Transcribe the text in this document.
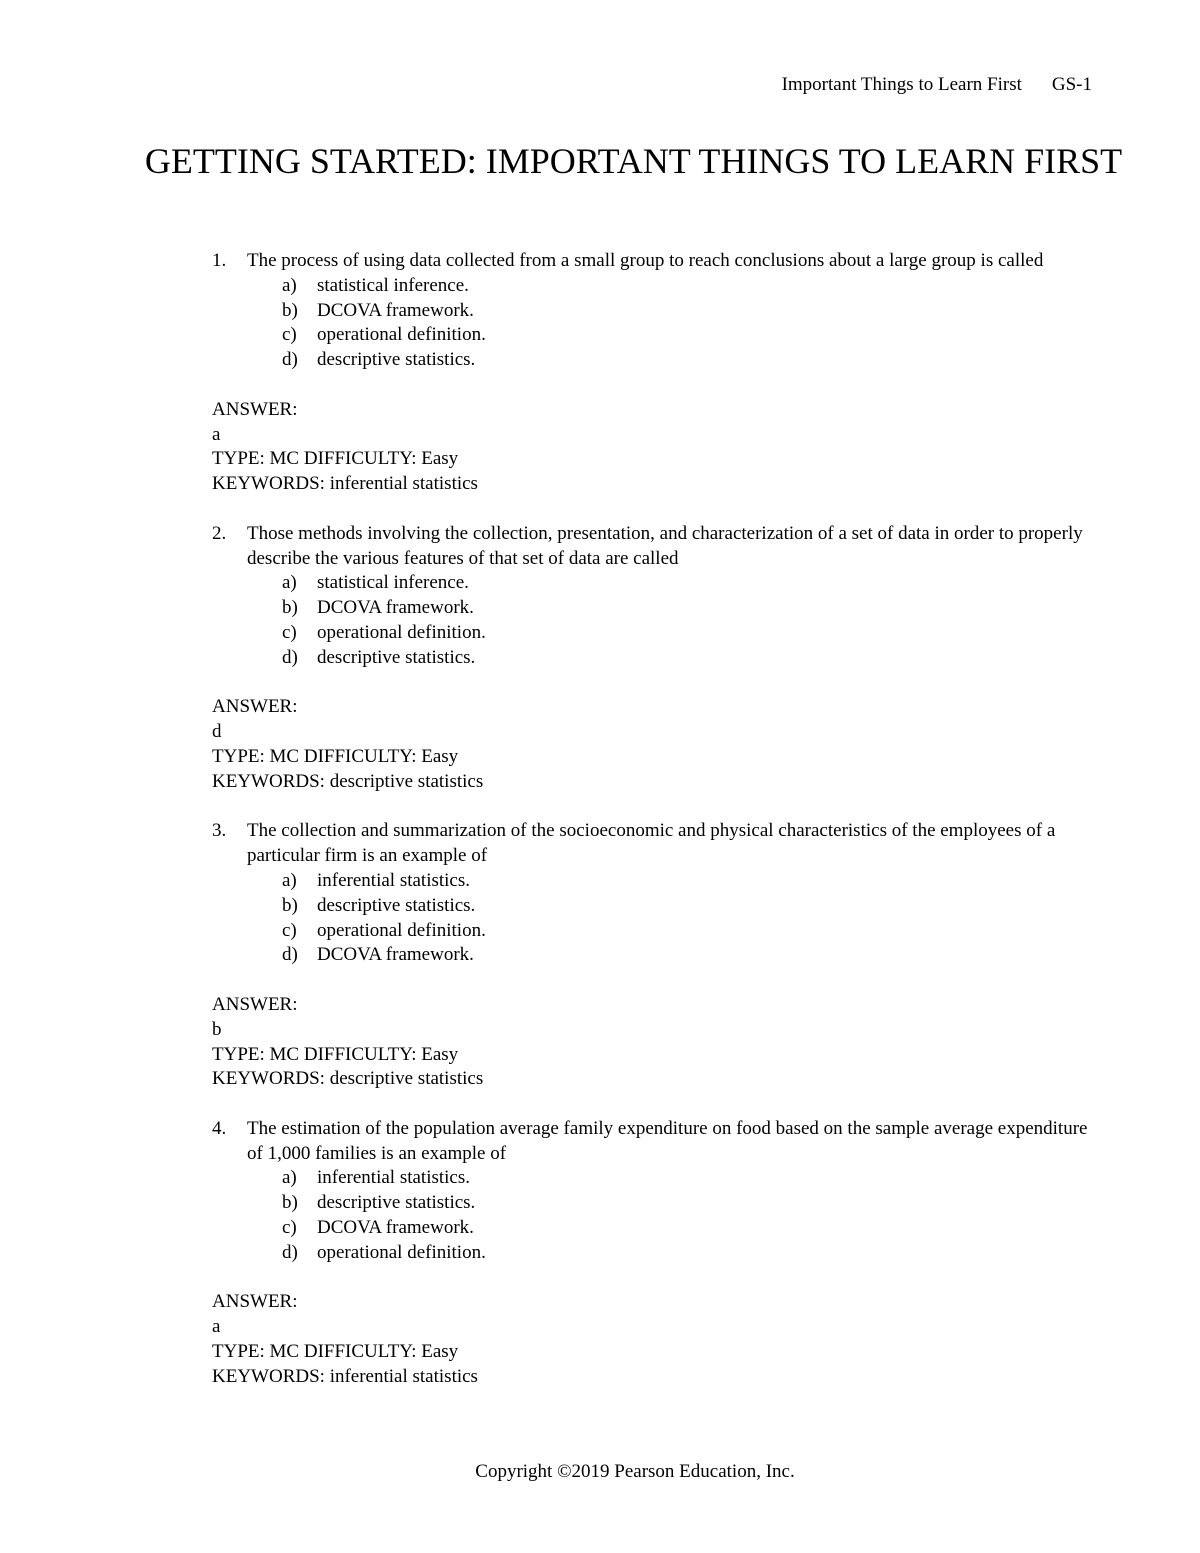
Important Things to Learn First GS-1
GETTING STARTED: IMPORTANT THINGS TO LEARN FIRST
1. The process of using data collected from a small group to reach conclusions about a large group is called
a) statistical inference.
b) DCOVA framework.
c) operational definition.
d) descriptive statistics.
ANSWER:
a
TYPE: MC DIFFICULTY: Easy
KEYWORDS: inferential statistics
2. Those methods involving the collection, presentation, and characterization of a set of data in order to properly describe the various features of that set of data are called
a) statistical inference.
b) DCOVA framework.
c) operational definition.
d) descriptive statistics.
ANSWER:
d
TYPE: MC DIFFICULTY: Easy
KEYWORDS: descriptive statistics
3. The collection and summarization of the socioeconomic and physical characteristics of the employees of a particular firm is an example of
a) inferential statistics.
b) descriptive statistics.
c) operational definition.
d) DCOVA framework.
ANSWER:
b
TYPE: MC DIFFICULTY: Easy
KEYWORDS: descriptive statistics
4. The estimation of the population average family expenditure on food based on the sample average expenditure of 1,000 families is an example of
a) inferential statistics.
b) descriptive statistics.
c) DCOVA framework.
d) operational definition.
ANSWER:
a
TYPE: MC DIFFICULTY: Easy
KEYWORDS: inferential statistics
Copyright ©2019 Pearson Education, Inc.
